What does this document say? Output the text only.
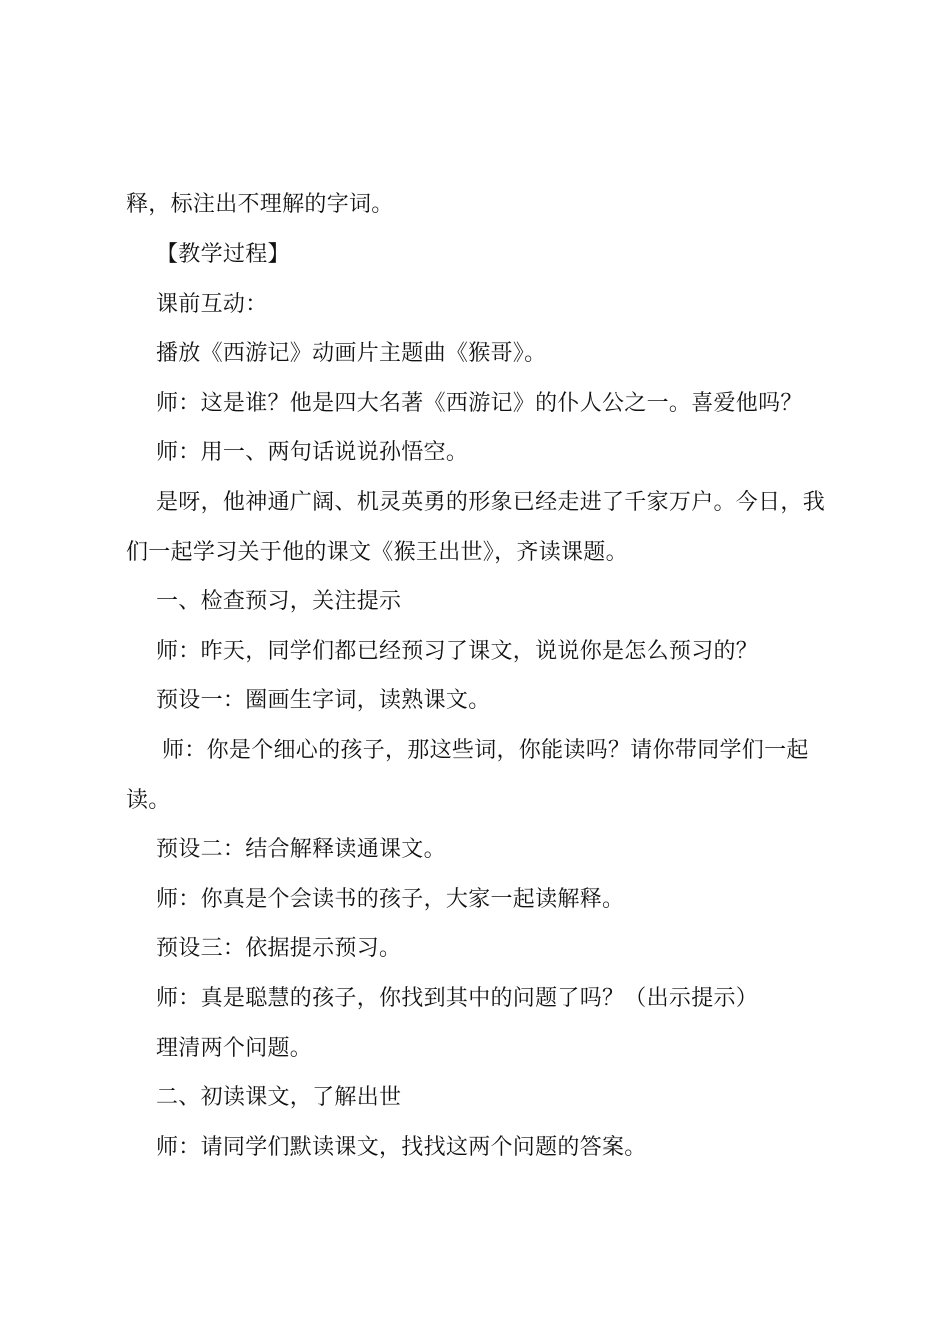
释，标注出不理解的字词。

【教学过程】

课前互动：

播放《西游记》动画片主题曲《猴哥》。

师：这是谁？他是四大名著《西游记》的仆人公之一。喜爱他吗？

师：用一、两句话说说孙悟空。

是呀，他神通广阔、机灵英勇的形象已经走进了千家万户。今日，我们一起学习关于他的课文《猴王出世》，齐读课题。

一、检查预习，关注提示

师：昨天，同学们都已经预习了课文，说说你是怎么预习的？

预设一：圈画生字词，读熟课文。

师：你是个细心的孩子，那这些词，你能读吗？请你带同学们一起读。

预设二：结合解释读通课文。

师：你真是个会读书的孩子，大家一起读解释。

预设三：依据提示预习。

师：真是聪慧的孩子，你找到其中的问题了吗？（出示提示）

理清两个问题。

二、初读课文，了解出世

师：请同学们默读课文，找找这两个问题的答案。
